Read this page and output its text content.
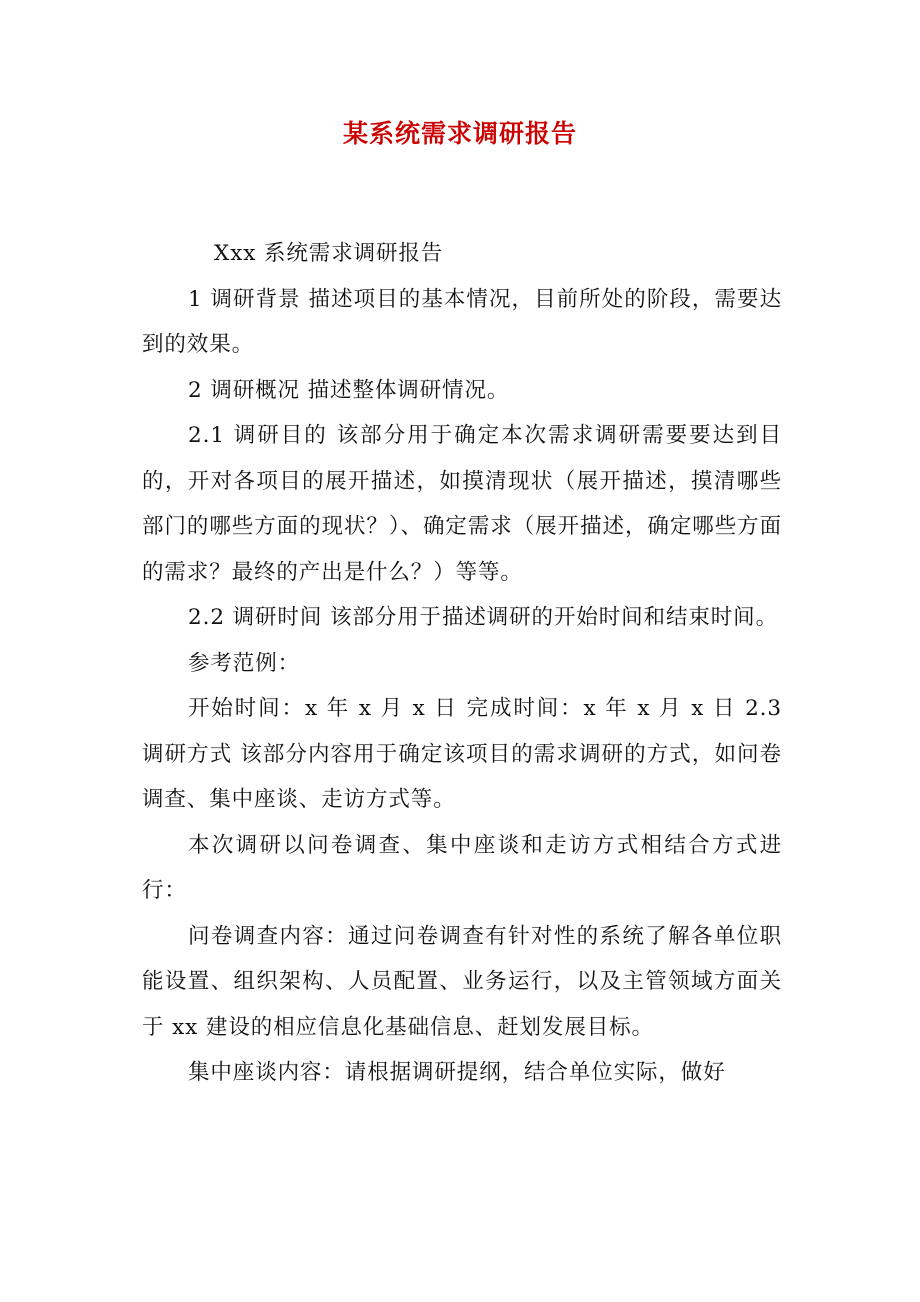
某系统需求调研报告

Xxx 系统需求调研报告

1 调研背景 描述项目的基本情况，目前所处的阶段，需要达到的效果。

2 调研概况 描述整体调研情况。

2.1 调研目的 该部分用于确定本次需求调研需要要达到目的，开对各项目的展开描述，如摸清现状（展开描述，摸清哪些部门的哪些方面的现状？）、确定需求（展开描述，确定哪些方面的需求？最终的产出是什么？）等等。

2.2 调研时间 该部分用于描述调研的开始时间和结束时间。

参考范例：

开始时间：x 年 x 月 x 日 完成时间：x 年 x 月 x 日 2.3 调研方式 该部分内容用于确定该项目的需求调研的方式，如问卷调查、集中座谈、走访方式等。

本次调研以问卷调查、集中座谈和走访方式相结合方式进行：

问卷调查内容：通过问卷调查有针对性的系统了解各单位职能设置、组织架构、人员配置、业务运行，以及主管领域方面关于 xx 建设的相应信息化基础信息、赶划发展目标。

集中座谈内容：请根据调研提纲，结合单位实际，做好
